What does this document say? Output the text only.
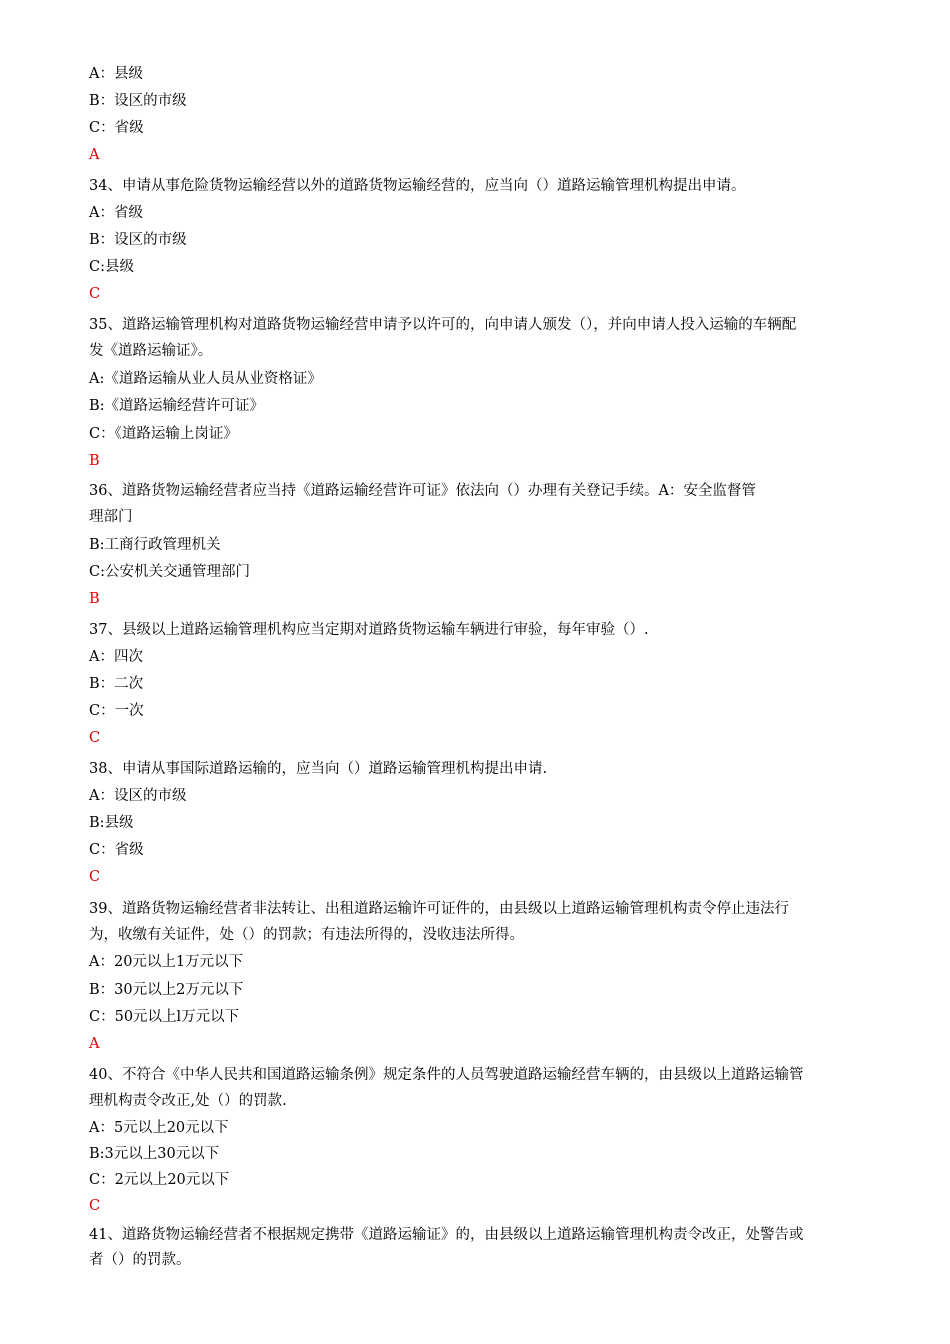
A：县级
B：设区的市级
C：省级
A
34、申请从事危险货物运输经营以外的道路货物运输经营的，应当向（）道路运输管理机构提出申请。
A：省级
B：设区的市级
C:县级
C
35、道路运输管理机构对道路货物运输经营申请予以许可的，向申请人颁发（），并向申请人投入运输的车辆配
发《道路运输证》。
A:《道路运输从业人员从业资格证》
B:《道路运输经营许可证》
C：《道路运输上岗证》
B
36、道路货物运输经营者应当持《道路运输经营许可证》依法向（）办理有关登记手续。A：安全监督管
理部门
B:工商行政管理机关
C:公安机关交通管理部门
B
37、县级以上道路运输管理机构应当定期对道路货物运输车辆进行审验，每年审验（）.
A：四次
B：二次
C：一次
C
38、申请从事国际道路运输的，应当向（）道路运输管理机构提出申请.
A：设区的市级
B:县级
C：省级
C
39、道路货物运输经营者非法转让、出租道路运输许可证件的，由县级以上道路运输管理机构责令停止违法行
为，收缴有关证件，处（）的罚款；有违法所得的，没收违法所得。
A：20元以上1万元以下
B：30元以上2万元以下
C：50元以上l万元以下
A
40、不符合《中华人民共和国道路运输条例》规定条件的人员驾驶道路运输经营车辆的，由县级以上道路运输管
理机构责令改正,处（）的罚款.
A：5元以上20元以下
B:3元以上30元以下
C：2元以上20元以下
C
41、道路货物运输经营者不根据规定携带《道路运输证》的，由县级以上道路运输管理机构责令改正，处警告或
者（）的罚款。
